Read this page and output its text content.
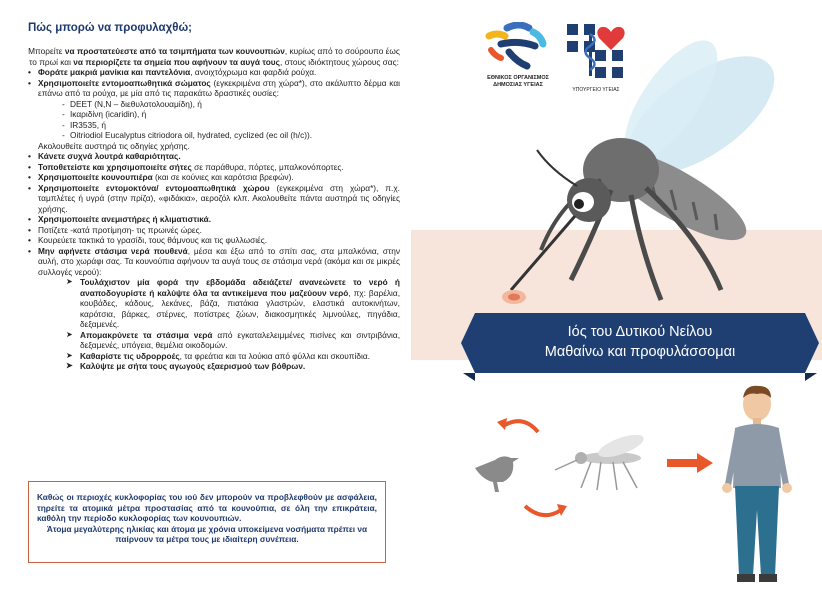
Πώς μπορώ να προφυλαχθώ;

Μπορείτε να προστατεύεστε από τα τσιμπήματα των κουνουπιών, κυρίως από το σούρουπο έως το πρωί και να περιορίζετε τα σημεία που αφήνουν τα αυγά τους, στους ιδιόκτητους χώρους σας:

• Φοράτε μακριά μανίκια και παντελόνια, ανοιχτόχρωμα και φαρδιά ρούχα.
• Χρησιμοποιείτε εντομοαπωθητικά σώματος (εγκεκριμένα στη χώρα*), στο ακάλυπτο δέρμα και επάνω από τα ρούχα, με μία από τις παρακάτω δραστικές ουσίες:
- DEET (N,N – διεθυλοτολουαμίδη), ή
- Ικαριδίνη (icaridin), ή
- IR3535, ή
- Oitriodiol Eucalyptus citriodora oil, hydrated, cyclized (ec oil (h/c)).
Ακολουθείτε αυστηρά τις οδηγίες χρήσης.
• Κάνετε συχνά λουτρά καθαριότητας.
• Τοποθετείστε και χρησιμοποιείτε σήτες σε παράθυρα, πόρτες, μπαλκονόπορτες.
• Χρησιμοποιείτε κουνουπιέρα (και σε κούνιες και καρότσια βρεφών).
• Χρησιμοποιείτε εντομοκτόνα/ εντομοαπωθητικά χώρου (εγκεκριμένα στη χώρα*), π.χ. ταμπλέτες ή υγρά (στην πρίζα), «φιδάκια», αεροζόλ κλπ. Ακολουθείτε πάντα αυστηρά τις οδηγίες χρήσης.
• Χρησιμοποιείτε ανεμιστήρες ή κλιματιστικά.
• Ποτίζετε -κατά προτίμηση- τις πρωινές ώρες.
• Κουρεύετε τακτικά το γρασίδι, τους θάμνους και τις φυλλωσιές.
• Μην αφήνετε στάσιμα νερά πουθενά, μέσα και έξω από το σπίτι σας, στα μπαλκόνια, στην αυλή, στο χωράφι σας. Τα κουνούπια αφήνουν τα αυγά τους σε στάσιμα νερά (ακόμα και σε μικρές συλλογές νερού):
➤ Τουλάχιστον μία φορά την εβδομάδα αδειάζετε/ ανανεώνετε το νερό ή αναποδογυρίστε ή καλύψτε όλα τα αντικείμενα που μαζεύουν νερό, πχ: βαρέλια, κουβάδες, κάδους, λεκάνες, βάζα, πιατάκια γλαστρών, ελαστικά αυτοκινήτων, καρότσια, βάρκες, στέρνες, ποτίστρες ζώων, διακοσμητικές λιμνούλες, πηγάδια, δεξαμενές.
➤ Απομακρύνετε τα στάσιμα νερά από εγκαταλελειμμένες πισίνες και σιντριβάνια, δεξαμενές, υπόγεια, θεμέλια οικοδομών.
➤ Καθαρίστε τις υδρορροές, τα φρεάτια και τα λούκια από φύλλα και σκουπίδια.
➤ Καλύψτε με σήτα τους αγωγούς εξαερισμού των βόθρων.

Καθώς οι περιοχές κυκλοφορίας του ιού δεν μπορούν να προβλεφθούν με ασφάλεια, τηρείτε τα ατομικά μέτρα προστασίας από τα κουνούπια, σε όλη την επικράτεια, καθόλη την περίοδο κυκλοφορίας των κουνουπιών.

Άτομα μεγαλύτερης ηλικίας και άτομα με χρόνια υποκείμενα νοσήματα πρέπει να παίρνουν τα μέτρα τους με ιδιαίτερη συνέπεια.

ΕΘΝΙΚΟΣ ΟΡΓΑΝΙΣΜΟΣ
ΔΗΜΟΣΙΑΣ ΥΓΕΙΑΣ
ΥΠΟΥΡΓΕΙΟ ΥΓΕΙΑΣ
Ιός του Δυτικού Νείλου
Μαθαίνω και προφυλάσσομαι
